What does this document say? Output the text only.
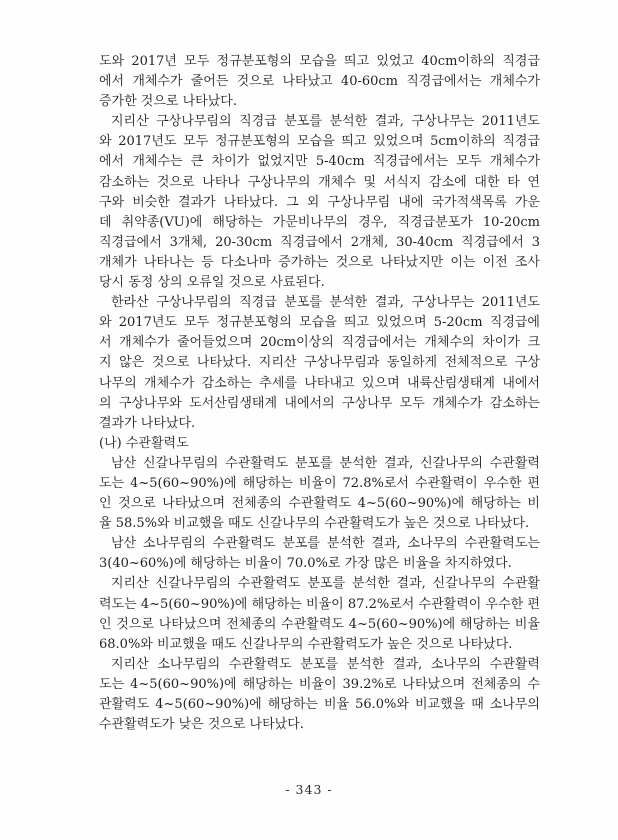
도와 2017년 모두 정규분포형의 모습을 띄고 있었고 40cm이하의 직경급
에서 개체수가 줄어든 것으로 나타났고 40-60cm 직경급에서는 개체수가
증가한 것으로 나타났다.
지리산 구상나무림의 직경급 분포를 분석한 결과, 구상나무는 2011년도
와 2017년도 모두 정규분포형의 모습을 띄고 있었으며 5cm이하의 직경급
에서 개체수는 큰 차이가 없었지만 5-40cm 직경급에서는 모두 개체수가
감소하는 것으로 나타나 구상나무의 개체수 및 서식지 감소에 대한 타 연
구와 비슷한 결과가 나타났다. 그 외 구상나무림 내에 국가적색목록 가운
데 취약종(VU)에 해당하는 가문비나무의 경우, 직경급분포가 10-20cm
직경급에서 3개체, 20-30cm 직경급에서 2개체, 30-40cm 직경급에서 3
개체가 나타나는 등 다소나마 증가하는 것으로 나타났지만 이는 이전 조사
당시 동정 상의 오류일 것으로 사료된다.
한라산 구상나무림의 직경급 분포를 분석한 결과, 구상나무는 2011년도
와 2017년도 모두 정규분포형의 모습을 띄고 있었으며 5-20cm 직경급에
서 개체수가 줄어들었으며 20cm이상의 직경급에서는 개체수의 차이가 크
지 않은 것으로 나타났다. 지리산 구상나무림과 동일하게 전체적으로 구상
나무의 개체수가 감소하는 추세를 나타내고 있으며 내륙산림생태계 내에서
의 구상나무와 도서산림생태계 내에서의 구상나무 모두 개체수가 감소하는
결과가 나타났다.
(나) 수관활력도
남산 신갈나무림의 수관활력도 분포를 분석한 결과, 신갈나무의 수관활력
도는 4~5(60~90%)에 해당하는 비율이 72.8%로서 수관활력이 우수한 편
인 것으로 나타났으며 전체종의 수관활력도 4~5(60~90%)에 해당하는 비
율 58.5%와 비교했을 때도 신갈나무의 수관활력도가 높은 것으로 나타났다.
남산 소나무림의 수관활력도 분포를 분석한 결과, 소나무의 수관활력도는
3(40~60%)에 해당하는 비율이 70.0%로 가장 많은 비율을 차지하였다.
지리산 신갈나무림의 수관활력도 분포를 분석한 결과, 신갈나무의 수관활
력도는 4~5(60~90%)에 해당하는 비율이 87.2%로서 수관활력이 우수한 편
인 것으로 나타났으며 전체종의 수관활력도 4~5(60~90%)에 해당하는 비율
68.0%와 비교했을 때도 신갈나무의 수관활력도가 높은 것으로 나타났다.
지리산 소나무림의 수관활력도 분포를 분석한 결과, 소나무의 수관활력
도는 4~5(60~90%)에 해당하는 비율이 39.2%로 나타났으며 전체종의 수
관활력도 4~5(60~90%)에 해당하는 비율 56.0%와 비교했을 때 소나무의
수관활력도가 낮은 것으로 나타났다.
- 343 -
